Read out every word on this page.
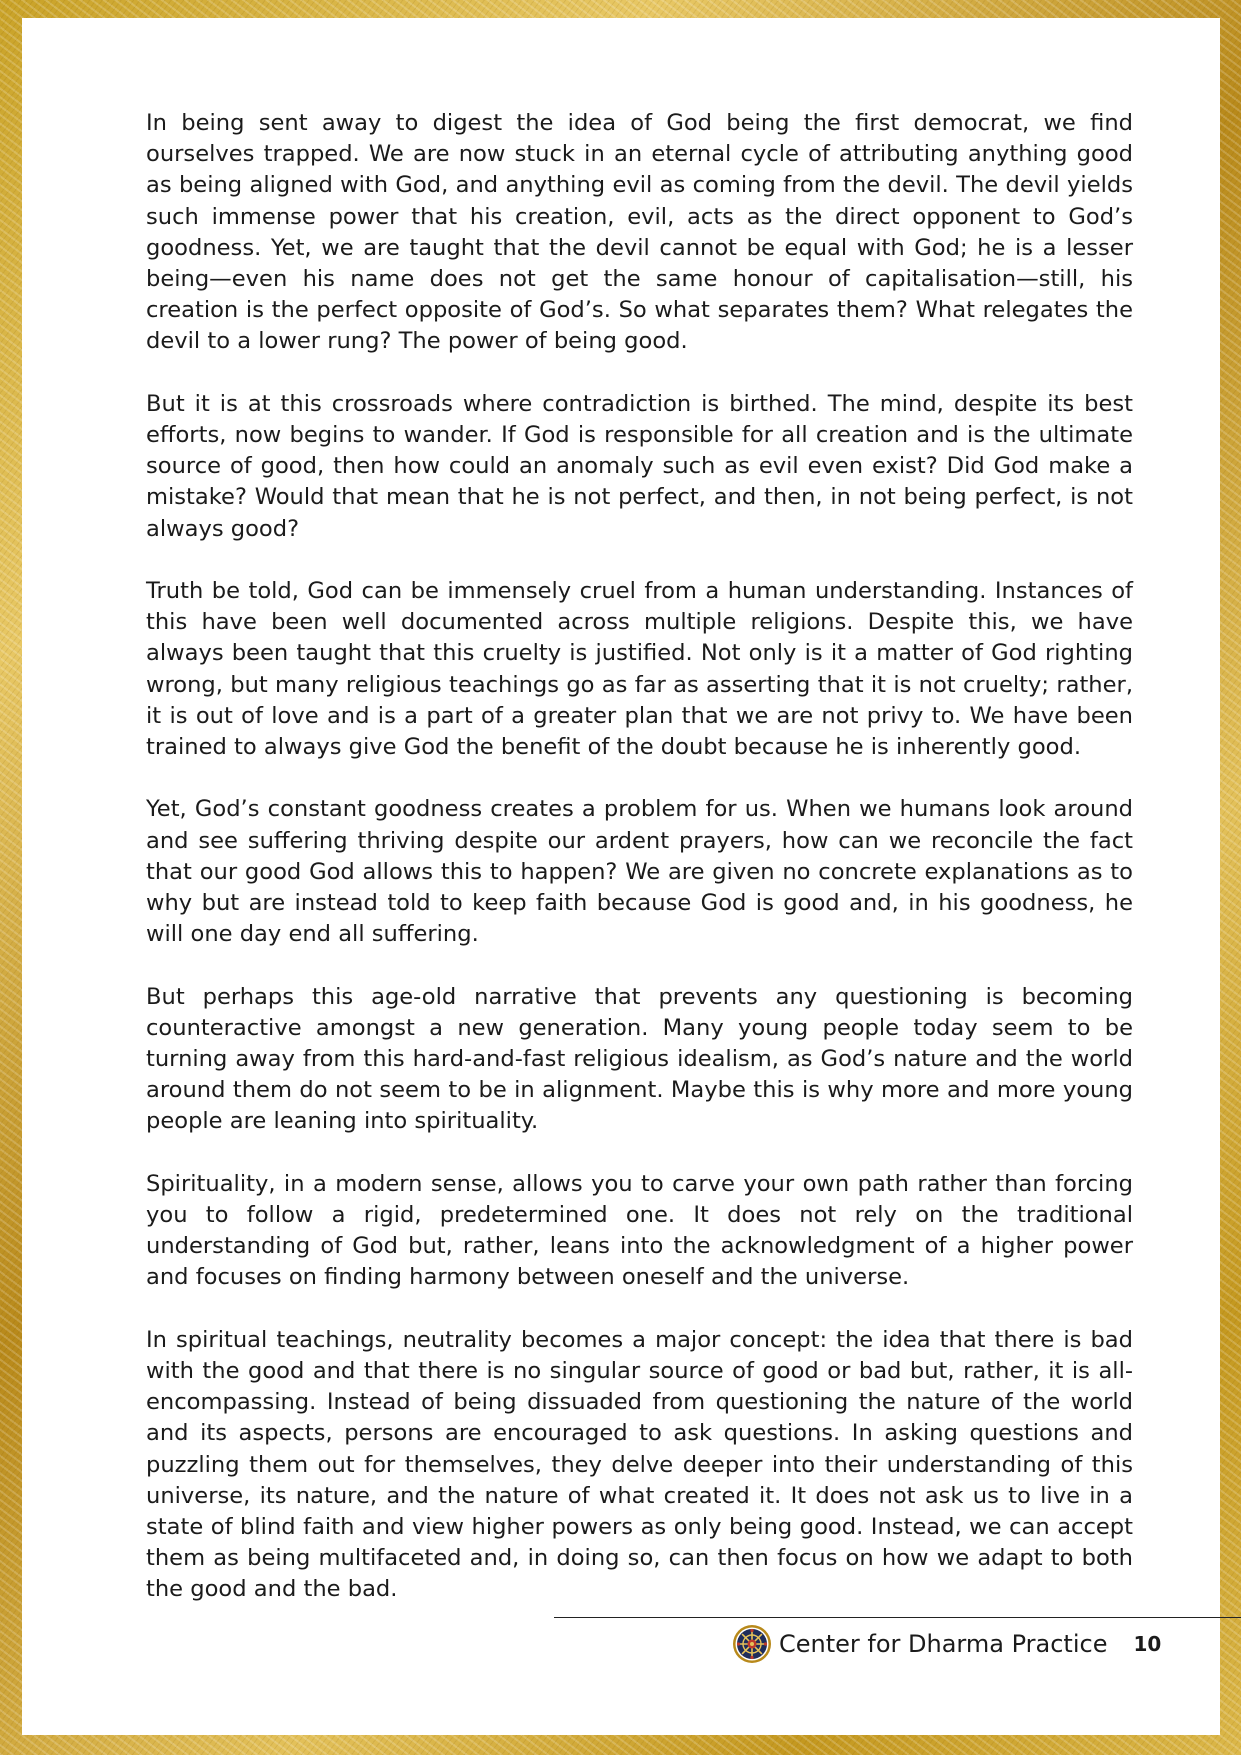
In being sent away to digest the idea of God being the first democrat, we find ourselves trapped. We are now stuck in an eternal cycle of attributing anything good as being aligned with God, and anything evil as coming from the devil. The devil yields such immense power that his creation, evil, acts as the direct opponent to God’s goodness. Yet, we are taught that the devil cannot be equal with God; he is a lesser being—even his name does not get the same honour of capitalisation—still, his creation is the perfect opposite of God’s. So what separates them? What relegates the devil to a lower rung? The power of being good.

But it is at this crossroads where contradiction is birthed. The mind, despite its best efforts, now begins to wander. If God is responsible for all creation and is the ultimate source of good, then how could an anomaly such as evil even exist? Did God make a mistake? Would that mean that he is not perfect, and then, in not being perfect, is not always good?

Truth be told, God can be immensely cruel from a human understanding. Instances of this have been well documented across multiple religions. Despite this, we have always been taught that this cruelty is justified. Not only is it a matter of God righting wrong, but many religious teachings go as far as asserting that it is not cruelty; rather, it is out of love and is a part of a greater plan that we are not privy to. We have been trained to always give God the benefit of the doubt because he is inherently good.

Yet, God’s constant goodness creates a problem for us. When we humans look around and see suffering thriving despite our ardent prayers, how can we reconcile the fact that our good God allows this to happen? We are given no concrete explanations as to why but are instead told to keep faith because God is good and, in his goodness, he will one day end all suffering.

But perhaps this age-old narrative that prevents any questioning is becoming counteractive amongst a new generation. Many young people today seem to be turning away from this hard-and-fast religious idealism, as God’s nature and the world around them do not seem to be in alignment. Maybe this is why more and more young people are leaning into spirituality.

Spirituality, in a modern sense, allows you to carve your own path rather than forcing you to follow a rigid, predetermined one. It does not rely on the traditional understanding of God but, rather, leans into the acknowledgment of a higher power and focuses on finding harmony between oneself and the universe.

In spiritual teachings, neutrality becomes a major concept: the idea that there is bad with the good and that there is no singular source of good or bad but, rather, it is all-encompassing. Instead of being dissuaded from questioning the nature of the world and its aspects, persons are encouraged to ask questions. In asking questions and puzzling them out for themselves, they delve deeper into their understanding of this universe, its nature, and the nature of what created it. It does not ask us to live in a state of blind faith and view higher powers as only being good. Instead, we can accept them as being multifaceted and, in doing so, can then focus on how we adapt to both the good and the bad.

Center for Dharma Practice 10
